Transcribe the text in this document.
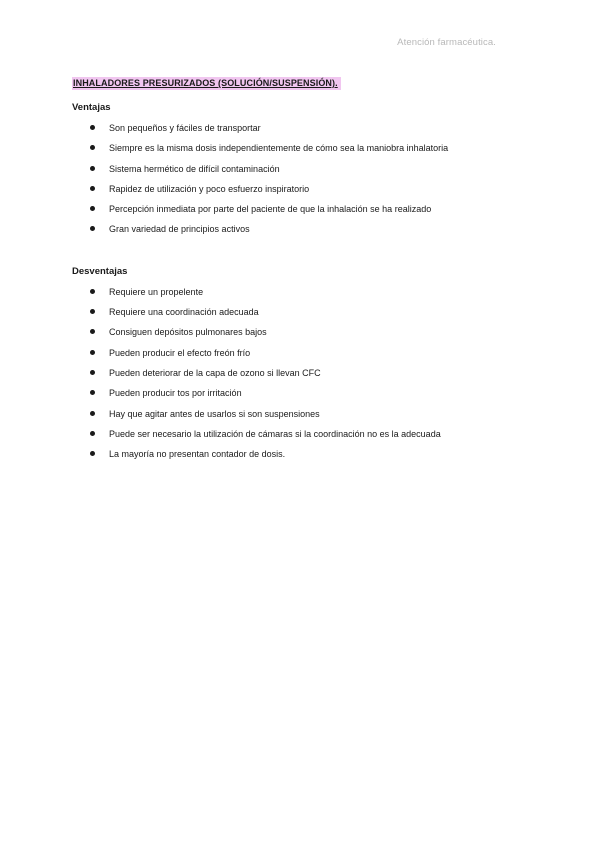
Atención farmacéutica.
INHALADORES PRESURIZADOS (SOLUCIÓN/SUSPENSIÓN).
Ventajas
Son pequeños y fáciles de transportar
Siempre es la misma dosis independientemente de cómo sea la maniobra inhalatoria
Sistema hermético de difícil contaminación
Rapidez de utilización y poco esfuerzo inspiratorio
Percepción inmediata por parte del paciente de que la inhalación se ha realizado
Gran variedad de principios activos
Desventajas
Requiere un propelente
Requiere una coordinación adecuada
Consiguen depósitos pulmonares bajos
Pueden producir el efecto freón frío
Pueden deteriorar de la capa de ozono si llevan CFC
Pueden producir tos por irritación
Hay que agitar antes de usarlos si son suspensiones
Puede ser necesario la utilización de cámaras si la coordinación no es la adecuada
La mayoría no presentan contador de dosis.
